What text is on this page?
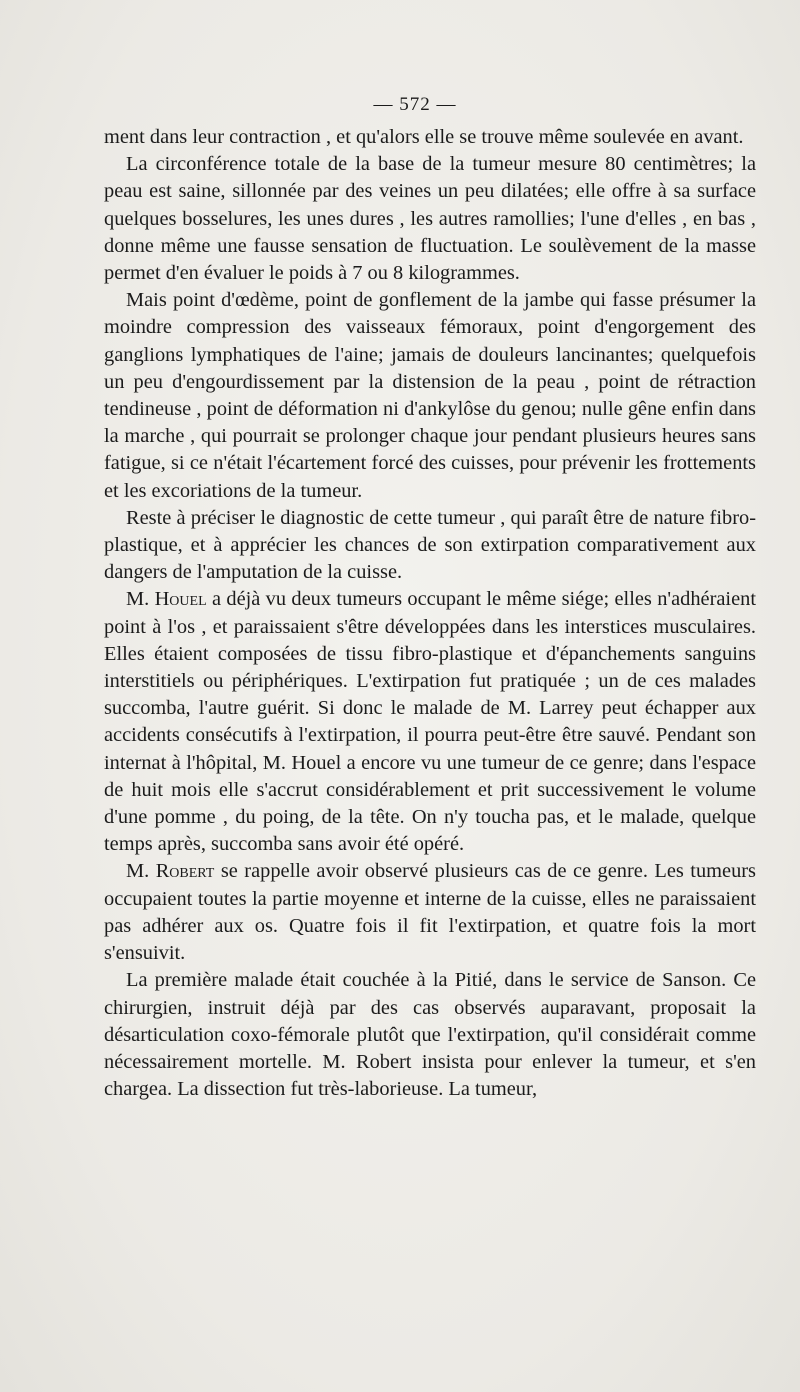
— 572 —

ment dans leur contraction , et qu'alors elle se trouve même soulevée en avant.

La circonférence totale de la base de la tumeur mesure 80 centimètres; la peau est saine, sillonnée par des veines un peu dilatées; elle offre à sa surface quelques bosselures, les unes dures , les autres ramollies; l'une d'elles , en bas , donne même une fausse sensation de fluctuation. Le soulèvement de la masse permet d'en évaluer le poids à 7 ou 8 kilogrammes.

Mais point d'œdème, point de gonflement de la jambe qui fasse présumer la moindre compression des vaisseaux fémoraux, point d'engorgement des ganglions lymphatiques de l'aine; jamais de douleurs lancinantes; quelquefois un peu d'engourdissement par la distension de la peau , point de rétraction tendineuse , point de déformation ni d'ankylôse du genou; nulle gêne enfin dans la marche , qui pourrait se prolonger chaque jour pendant plusieurs heures sans fatigue, si ce n'était l'écartement forcé des cuisses, pour prévenir les frottements et les excoriations de la tumeur.

Reste à préciser le diagnostic de cette tumeur , qui paraît être de nature fibro-plastique, et à apprécier les chances de son extirpation comparativement aux dangers de l'amputation de la cuisse.

M. Houel a déjà vu deux tumeurs occupant le même siége; elles n'adhéraient point à l'os , et paraissaient s'être développées dans les interstices musculaires. Elles étaient composées de tissu fibro-plastique et d'épanchements sanguins interstitiels ou périphériques. L'extirpation fut pratiquée ; un de ces malades succomba, l'autre guérit. Si donc le malade de M. Larrey peut échapper aux accidents consécutifs à l'extirpation, il pourra peut-être être sauvé. Pendant son internat à l'hôpital, M. Houel a encore vu une tumeur de ce genre; dans l'espace de huit mois elle s'accrut considérablement et prit successivement le volume d'une pomme , du poing, de la tête. On n'y toucha pas, et le malade, quelque temps après, succomba sans avoir été opéré.

M. Robert se rappelle avoir observé plusieurs cas de ce genre. Les tumeurs occupaient toutes la partie moyenne et interne de la cuisse, elles ne paraissaient pas adhérer aux os. Quatre fois il fit l'extirpation, et quatre fois la mort s'ensuivit.

La première malade était couchée à la Pitié, dans le service de Sanson. Ce chirurgien, instruit déjà par des cas observés auparavant, proposait la désarticulation coxo-fémorale plutôt que l'extirpation, qu'il considérait comme nécessairement mortelle. M. Robert insista pour enlever la tumeur, et s'en chargea. La dissection fut très-laborieuse. La tumeur,
